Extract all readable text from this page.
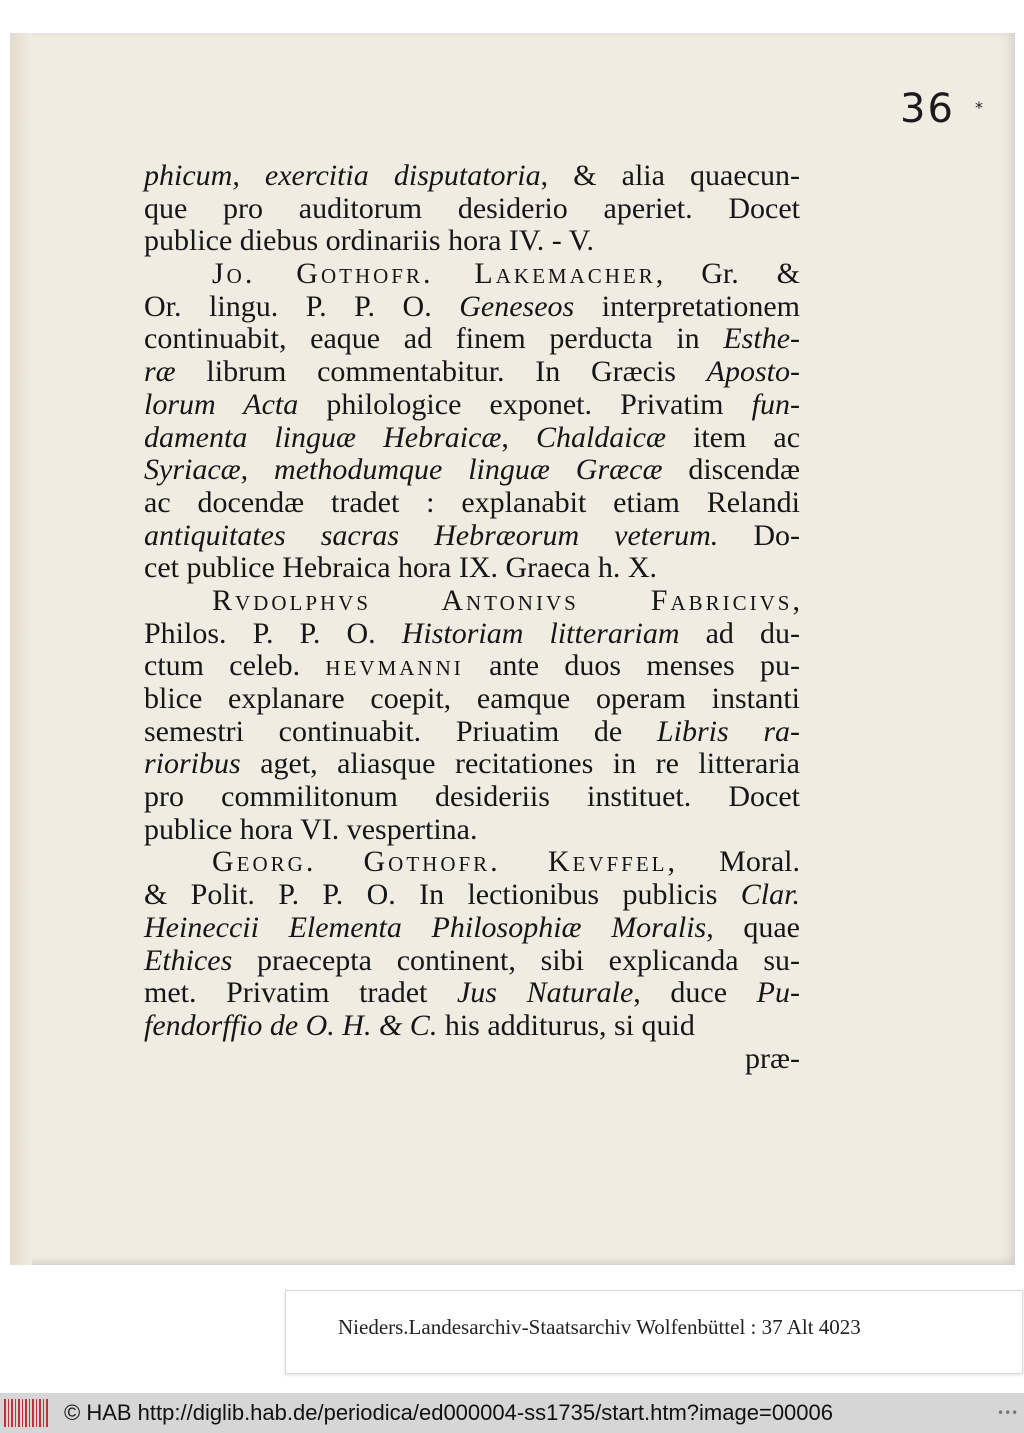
36 *
phicum, exercitia disputatoria, & alia quaecun-
que pro auditorum desiderio aperiet. Docet
publice diebus ordinariis hora IV. - V.
Jo. Gothofr. Lakemacher, Gr. &
Or. lingu. P. P. O. Geneseos interpretationem
continuabit, eaque ad finem perducta in Esthe-
ræ librum commentabitur. In Græcis Aposto-
lorum Acta philologice exponet. Privatim fun-
damenta linguæ Hebraicæ, Chaldaicæ item ac
Syriacæ, methodumque linguæ Græcæ discendæ
ac docendæ tradet : explanabit etiam Relandi
antiquitates sacras Hebræorum veterum. Do-
cet publice Hebraica hora IX. Graeca h. X.
Rvdolphvs Antonivs Fabricivs,
Philos. P. P. O. Historiam litterariam ad du-
ctum celeb. hevmanni ante duos menses pu-
blice explanare coepit, eamque operam instanti
semestri continuabit. Priuatim de Libris ra-
rioribus aget, aliasque recitationes in re litteraria
pro commilitonum desideriis instituet. Docet
publice hora VI. vespertina.
Georg. Gothofr. Kevffel, Moral.
& Polit. P. P. O. In lectionibus publicis Clar.
Heineccii Elementa Philosophiæ Moralis, quae
Ethices praecepta continent, sibi explicanda su-
met. Privatim tradet Jus Naturale, duce Pu-
fendorffio de O. H. & C. his additurus, si quid
præ-
Nieders.Landesarchiv-Staatsarchiv Wolfenbüttel : 37 Alt 4023
© HAB http://diglib.hab.de/periodica/ed000004-ss1735/start.htm?image=00006	•••
